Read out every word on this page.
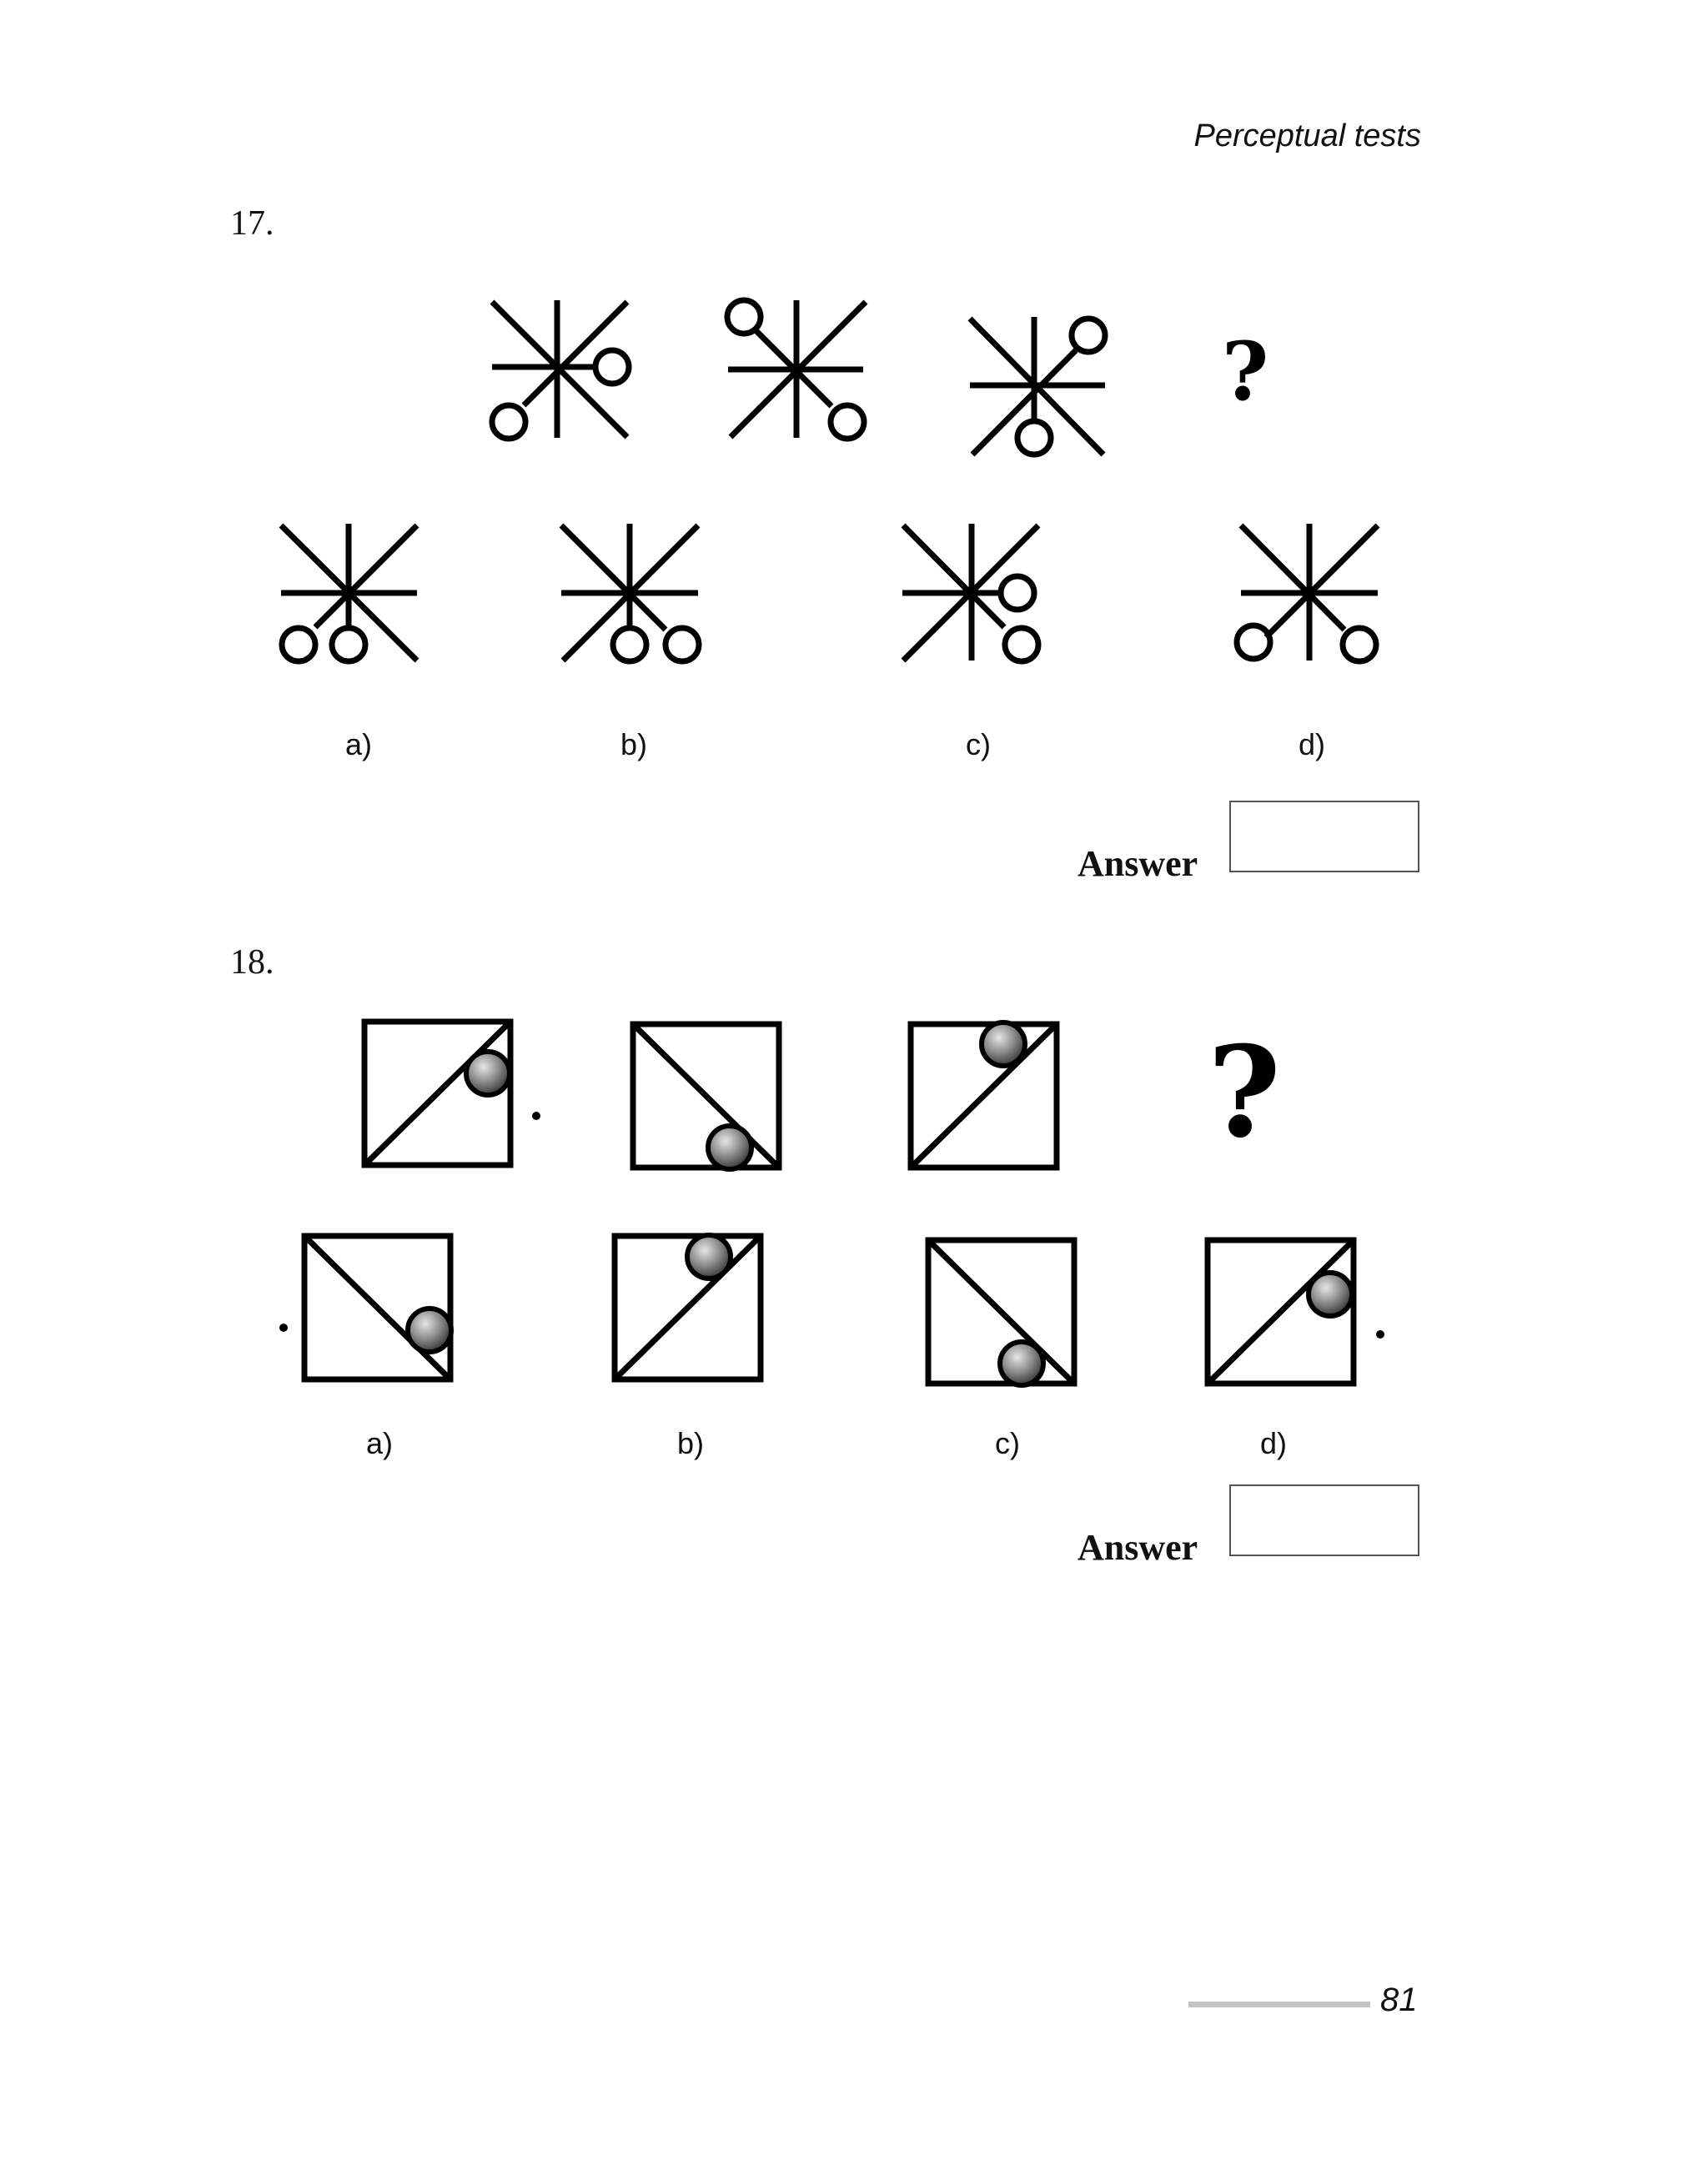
Perceptual tests
17.
?
a)	b)	c)	d)
Answer
18.
?
a)	b)	c)	d)
Answer
81
